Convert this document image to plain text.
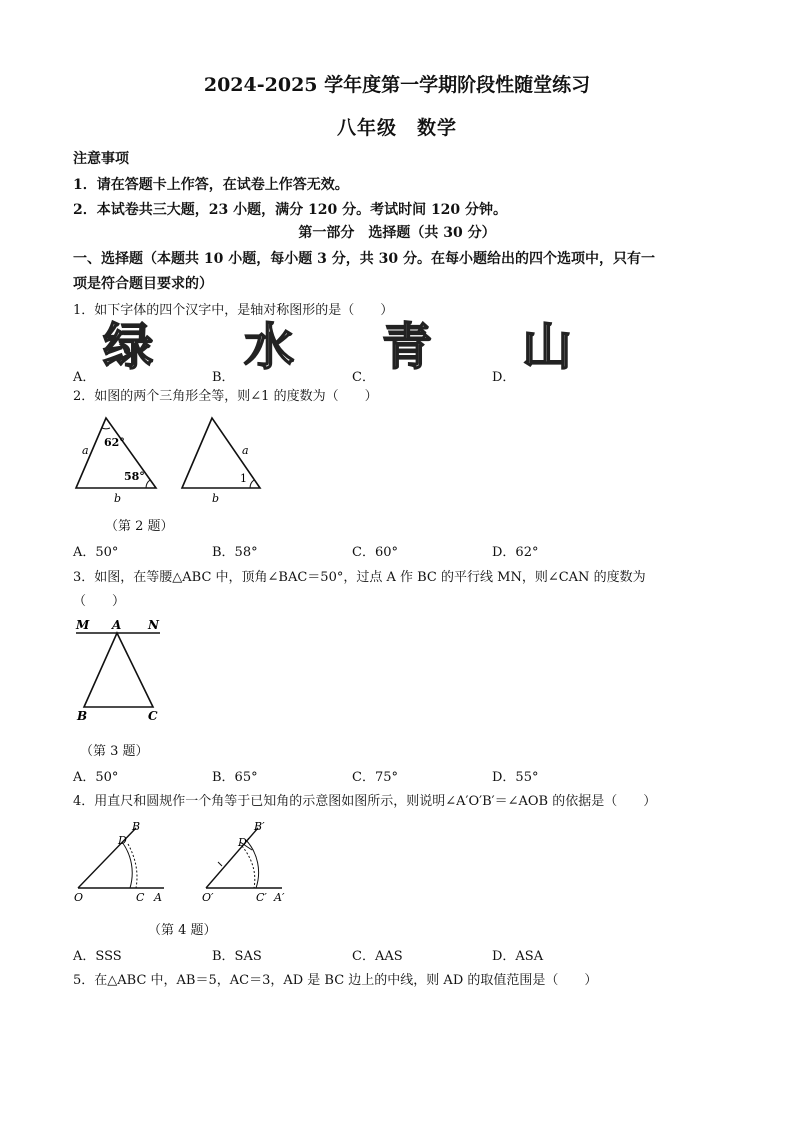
2024-2025 学年度第一学期阶段性随堂练习
八年级　数学
注意事项
1．请在答题卡上作答，在试卷上作答无效。
2．本试卷共三大题，23 小题，满分 120 分。考试时间 120 分钟。
第一部分　选择题（共 30 分）
一、选择题（本题共 10 小题，每小题 3 分，共 30 分。在每小题给出的四个选项中，只有一
项是符合题目要求的）
1．如下字体的四个汉字中，是轴对称图形的是（　　）
A．
绿
B．
水
C．
青
D．
山
2．如图的两个三角形全等，则∠1 的度数为（　　）
a
62°
58°
b
a
1
b
（第 2 题）
A．50°	B．58°	C．60°	D．62°
3．如图，在等腰△ABC 中，顶角∠BAC＝50°，过点 A 作 BC 的平行线 MN，则∠CAN 的度数为
（　　）
M A N
B	C
（第 3 题）
A．50°	B．65°	C．75°	D．55°
4．用直尺和圆规作一个角等于已知角的示意图如图所示，则说明∠A′O′B′＝∠AOB 的依据是（　　）
B
D
O	C A
B′
D′
O′	C′ A′
（第 4 题）
A．SSS	B．SAS	C．AAS	D．ASA
5．在△ABC 中，AB＝5，AC＝3，AD 是 BC 边上的中线，则 AD 的取值范围是（　　）
